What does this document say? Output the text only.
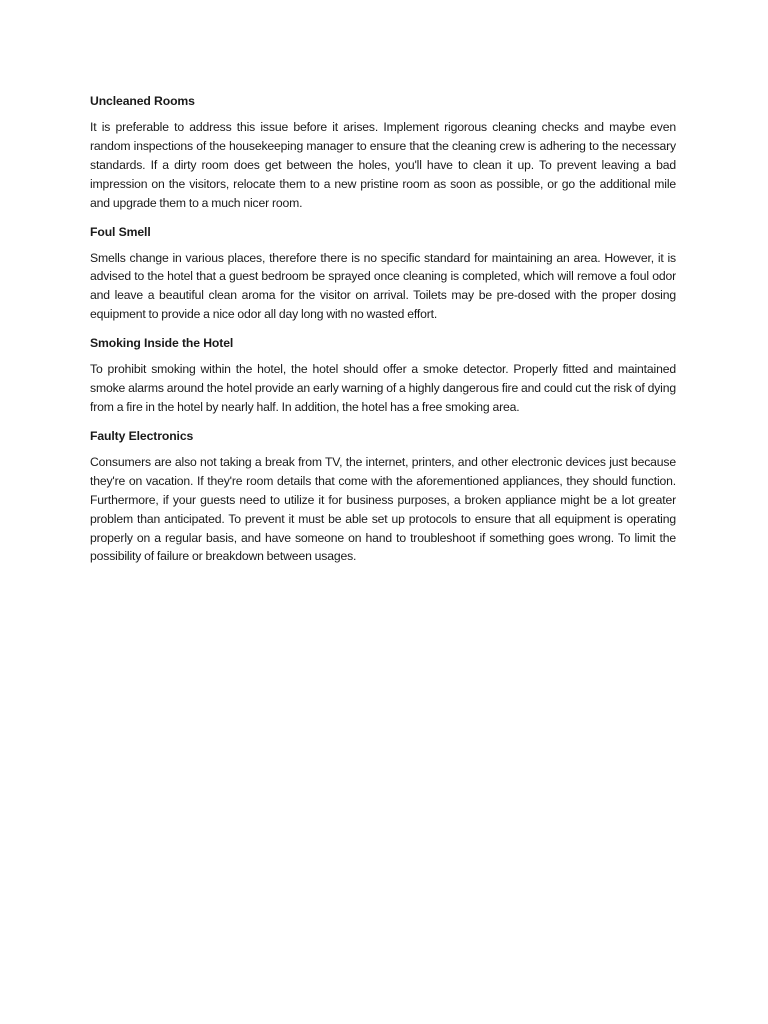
Uncleaned Rooms
It is preferable to address this issue before it arises. Implement rigorous cleaning checks and maybe even random inspections of the housekeeping manager to ensure that the cleaning crew is adhering to the necessary standards. If a dirty room does get between the holes, you'll have to clean it up. To prevent leaving a bad impression on the visitors, relocate them to a new pristine room as soon as possible, or go the additional mile and upgrade them to a much nicer room.
Foul Smell
Smells change in various places, therefore there is no specific standard for maintaining an area. However, it is advised to the hotel that a guest bedroom be sprayed once cleaning is completed, which will remove a foul odor and leave a beautiful clean aroma for the visitor on arrival. Toilets may be pre-dosed with the proper dosing equipment to provide a nice odor all day long with no wasted effort.
Smoking Inside the Hotel
To prohibit smoking within the hotel, the hotel should offer a smoke detector. Properly fitted and maintained smoke alarms around the hotel provide an early warning of a highly dangerous fire and could cut the risk of dying from a fire in the hotel by nearly half. In addition, the hotel has a free smoking area.
Faulty Electronics
Consumers are also not taking a break from TV, the internet, printers, and other electronic devices just because they're on vacation. If they're room details that come with the aforementioned appliances, they should function. Furthermore, if your guests need to utilize it for business purposes, a broken appliance might be a lot greater problem than anticipated. To prevent it must be able set up protocols to ensure that all equipment is operating properly on a regular basis, and have someone on hand to troubleshoot if something goes wrong. To limit the possibility of failure or breakdown between usages.
